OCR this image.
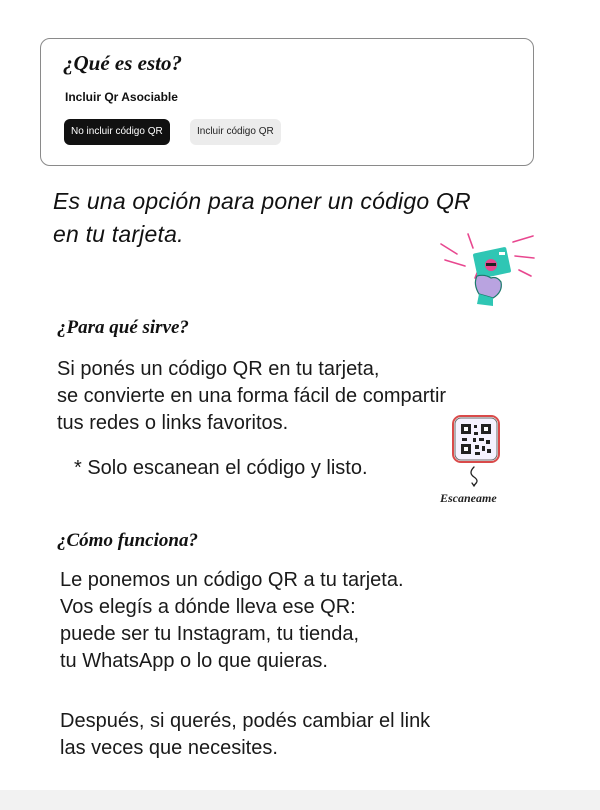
¿Qué es esto?
Incluir Qr Asociable
No incluir código QR	Incluir código QR
Es una opción para poner un código QR
en tu tarjeta.
¿Para qué sirve?
Si ponés un código QR en tu tarjeta,
se convierte en una forma fácil de compartir
tus redes o links favoritos.
* Solo escanean el código y listo.
Escaneame
¿Cómo funciona?
Le ponemos un código QR a tu tarjeta.
Vos elegís a dónde lleva ese QR:
puede ser tu Instagram, tu tienda,
tu WhatsApp o lo que quieras.
Después, si querés, podés cambiar el link
las veces que necesites.
